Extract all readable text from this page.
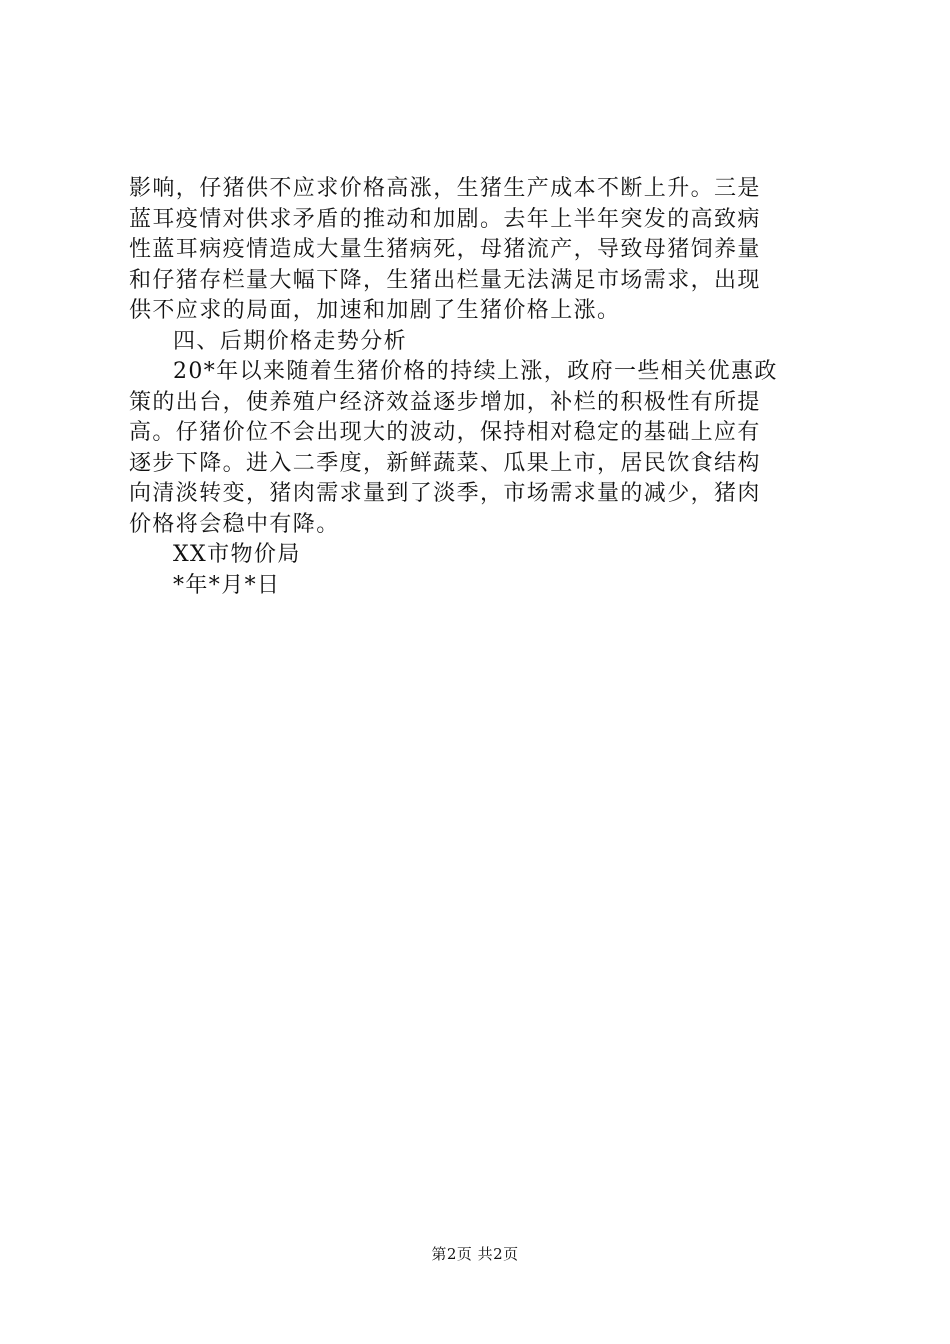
影响，仔猪供不应求价格高涨，生猪生产成本不断上升。三是
蓝耳疫情对供求矛盾的推动和加剧。去年上半年突发的高致病
性蓝耳病疫情造成大量生猪病死，母猪流产，导致母猪饲养量
和仔猪存栏量大幅下降，生猪出栏量无法满足市场需求，出现
供不应求的局面，加速和加剧了生猪价格上涨。

四、后期价格走势分析

20*年以来随着生猪价格的持续上涨，政府一些相关优惠政
策的出台，使养殖户经济效益逐步增加，补栏的积极性有所提
高。仔猪价位不会出现大的波动，保持相对稳定的基础上应有
逐步下降。进入二季度，新鲜蔬菜、瓜果上市，居民饮食结构
向清淡转变，猪肉需求量到了淡季，市场需求量的减少，猪肉
价格将会稳中有降。

XX市物价局
*年*月*日

第2页 共2页
